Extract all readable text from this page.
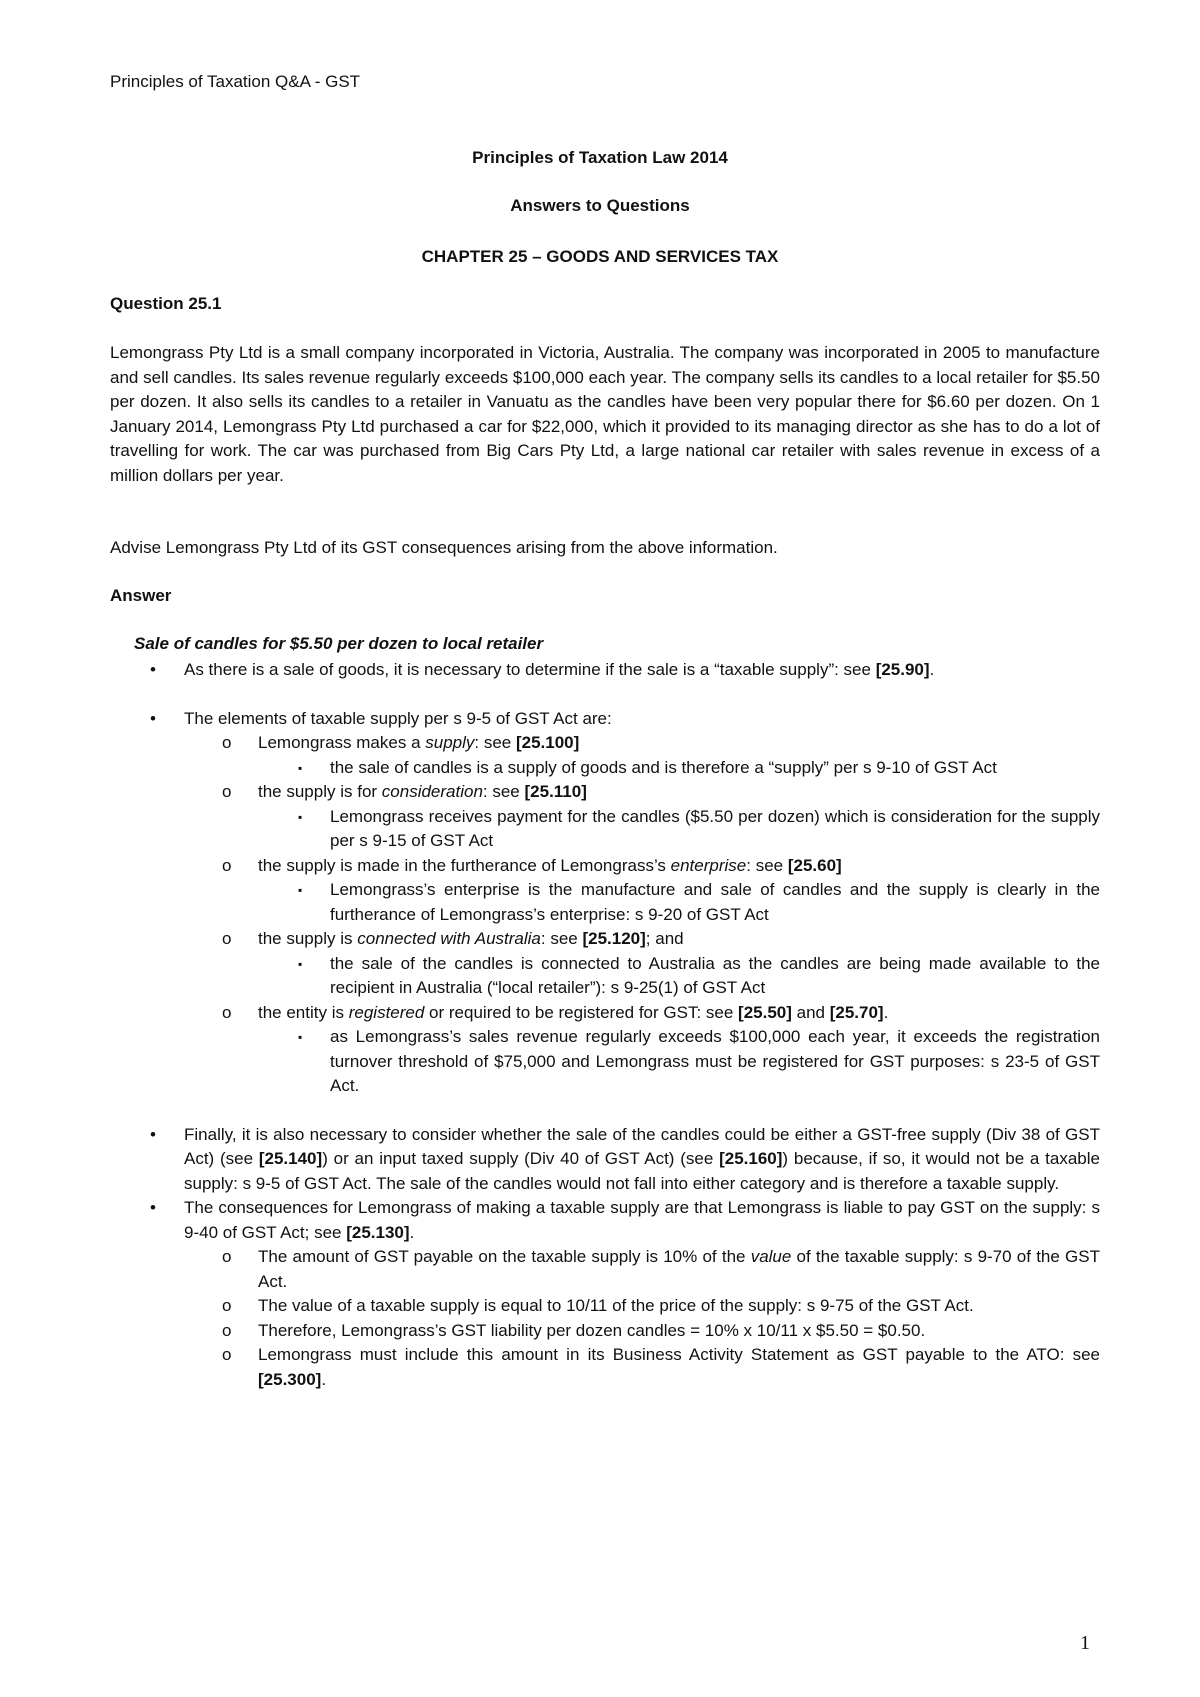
Principles of Taxation Q&A - GST
Principles of Taxation Law 2014
Answers to Questions
CHAPTER 25 – GOODS AND SERVICES TAX
Question 25.1
Lemongrass Pty Ltd is a small company incorporated in Victoria, Australia. The company was incorporated in 2005 to manufacture and sell candles. Its sales revenue regularly exceeds $100,000 each year. The company sells its candles to a local retailer for $5.50 per dozen. It also sells its candles to a retailer in Vanuatu as the candles have been very popular there for $6.60 per dozen. On 1 January 2014, Lemongrass Pty Ltd purchased a car for $22,000, which it provided to its managing director as she has to do a lot of travelling for work. The car was purchased from Big Cars Pty Ltd, a large national car retailer with sales revenue in excess of a million dollars per year.
Advise Lemongrass Pty Ltd of its GST consequences arising from the above information.
Answer
Sale of candles for $5.50 per dozen to local retailer
• As there is a sale of goods, it is necessary to determine if the sale is a “taxable supply”: see [25.90].
• The elements of taxable supply per s 9-5 of GST Act are:
o Lemongrass makes a supply: see [25.100]
▪ the sale of candles is a supply of goods and is therefore a “supply” per s 9-10 of GST Act
o the supply is for consideration: see [25.110]
▪ Lemongrass receives payment for the candles ($5.50 per dozen) which is consideration for the supply per s 9-15 of GST Act
o the supply is made in the furtherance of Lemongrass’s enterprise: see [25.60]
▪ Lemongrass’s enterprise is the manufacture and sale of candles and the supply is clearly in the furtherance of Lemongrass’s enterprise: s 9-20 of GST Act
o the supply is connected with Australia: see [25.120]; and
▪ the sale of the candles is connected to Australia as the candles are being made available to the recipient in Australia (“local retailer”): s 9-25(1) of GST Act
o the entity is registered or required to be registered for GST: see [25.50] and [25.70].
▪ as Lemongrass’s sales revenue regularly exceeds $100,000 each year, it exceeds the registration turnover threshold of $75,000 and Lemongrass must be registered for GST purposes: s 23-5 of GST Act.
• Finally, it is also necessary to consider whether the sale of the candles could be either a GST-free supply (Div 38 of GST Act) (see [25.140]) or an input taxed supply (Div 40 of GST Act) (see [25.160]) because, if so, it would not be a taxable supply: s 9-5 of GST Act. The sale of the candles would not fall into either category and is therefore a taxable supply.
• The consequences for Lemongrass of making a taxable supply are that Lemongrass is liable to pay GST on the supply: s 9-40 of GST Act; see [25.130].
o The amount of GST payable on the taxable supply is 10% of the value of the taxable supply: s 9-70 of the GST Act.
o The value of a taxable supply is equal to 10/11 of the price of the supply: s 9-75 of the GST Act.
o Therefore, Lemongrass’s GST liability per dozen candles = 10% x 10/11 x $5.50 = $0.50.
o Lemongrass must include this amount in its Business Activity Statement as GST payable to the ATO: see [25.300].
1
